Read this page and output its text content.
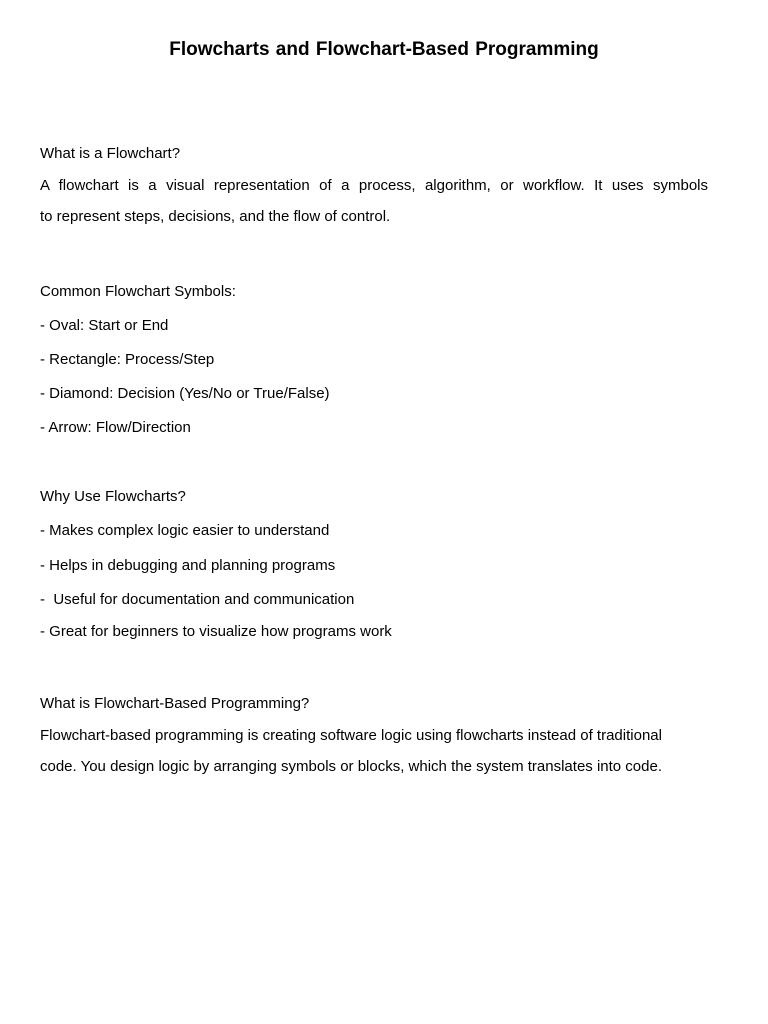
Flowcharts and Flowchart-Based Programming
What is a Flowchart?
A flowchart is a visual representation of a process, algorithm, or workflow. It uses symbols
to represent steps, decisions, and the flow of control.
Common Flowchart Symbols:
- Oval: Start or End
- Rectangle: Process/Step
- Diamond: Decision (Yes/No or True/False)
- Arrow: Flow/Direction
Why Use Flowcharts?
- Makes complex logic easier to understand
- Helps in debugging and planning programs
-  Useful for documentation and communication
- Great for beginners to visualize how programs work
What is Flowchart-Based Programming?
Flowchart-based programming is creating software logic using flowcharts instead of traditional
code. You design logic by arranging symbols or blocks, which the system translates into code.
